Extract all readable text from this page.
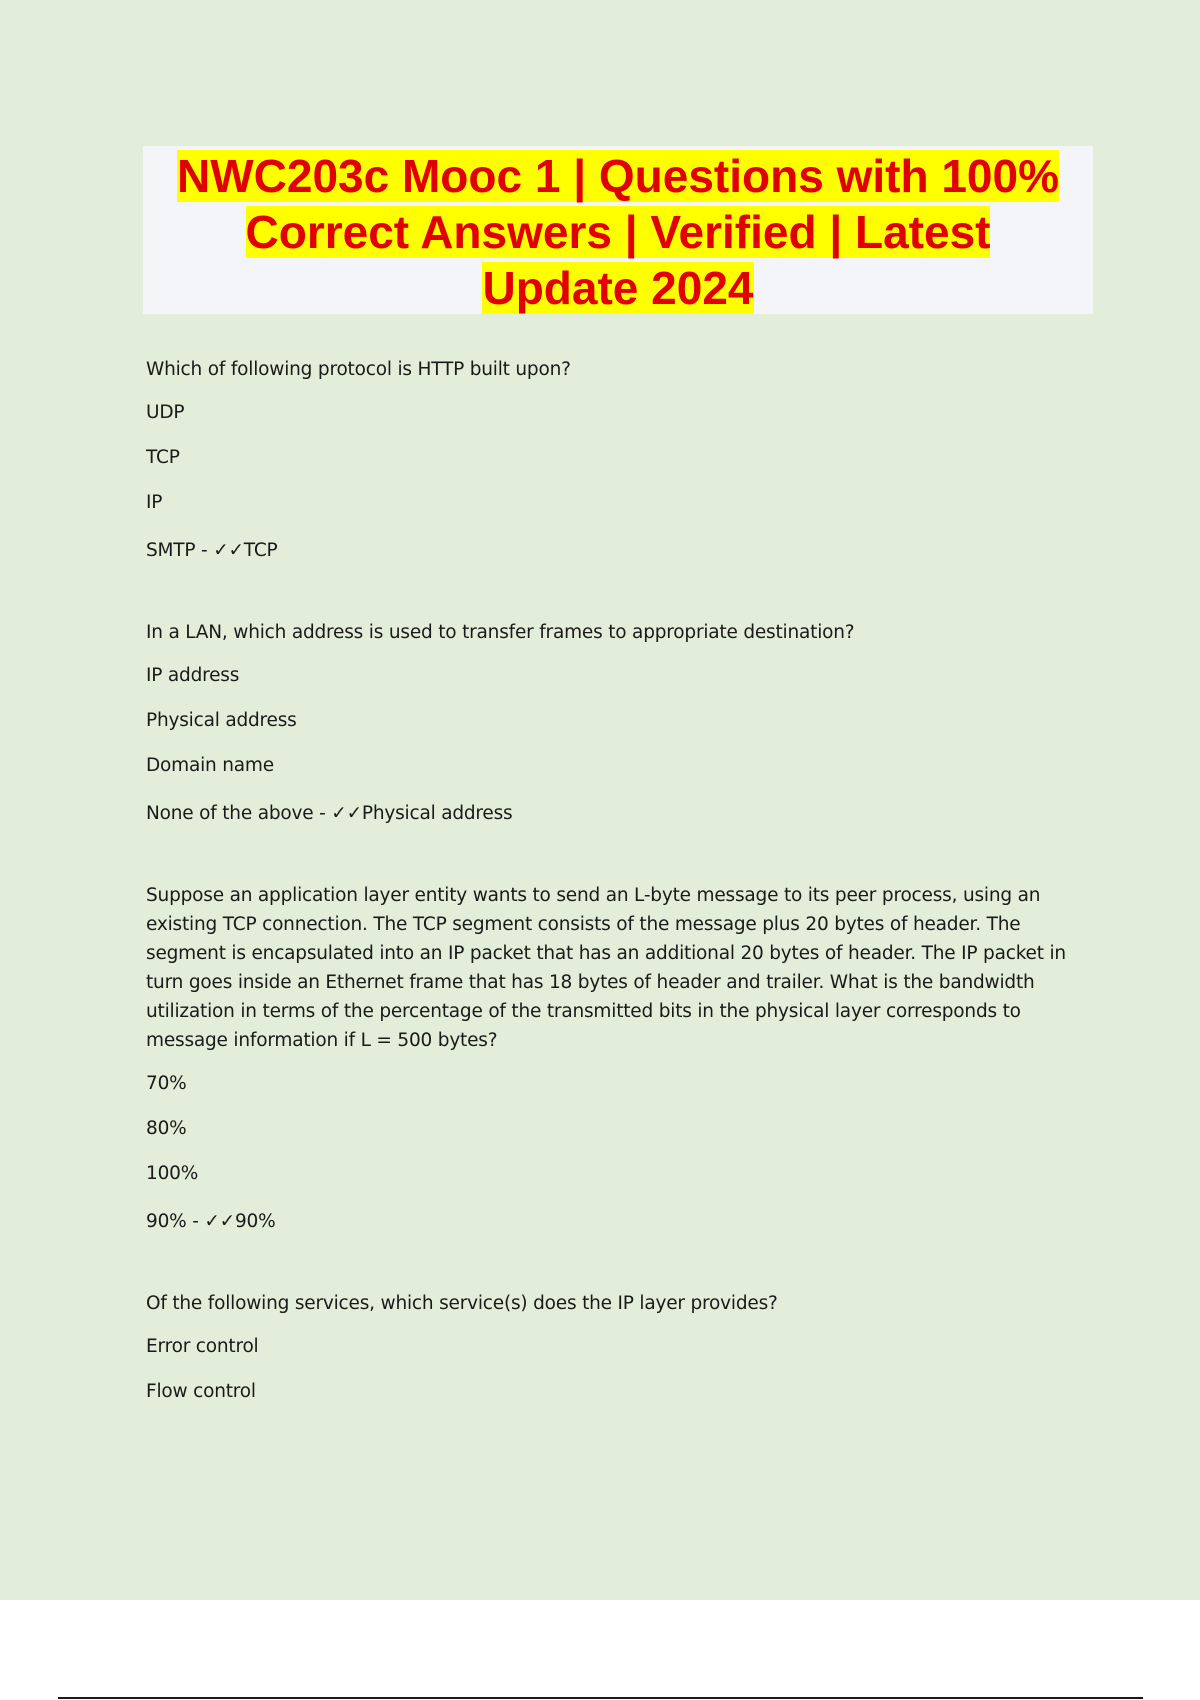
NWC203c Mooc 1 | Questions with 100%
Correct Answers | Verified | Latest
Update 2024

Which of following protocol is HTTP built upon?

UDP

TCP

IP

SMTP - ✓✓TCP

In a LAN, which address is used to transfer frames to appropriate destination?

IP address

Physical address

Domain name

None of the above - ✓✓Physical address

Suppose an application layer entity wants to send an L-byte message to its peer process, using an existing TCP connection. The TCP segment consists of the message plus 20 bytes of header. The segment is encapsulated into an IP packet that has an additional 20 bytes of header. The IP packet in turn goes inside an Ethernet frame that has 18 bytes of header and trailer. What is the bandwidth utilization in terms of the percentage of the transmitted bits in the physical layer corresponds to message information if L = 500 bytes?

70%

80%

100%

90% - ✓✓90%

Of the following services, which service(s) does the IP layer provides?

Error control

Flow control
